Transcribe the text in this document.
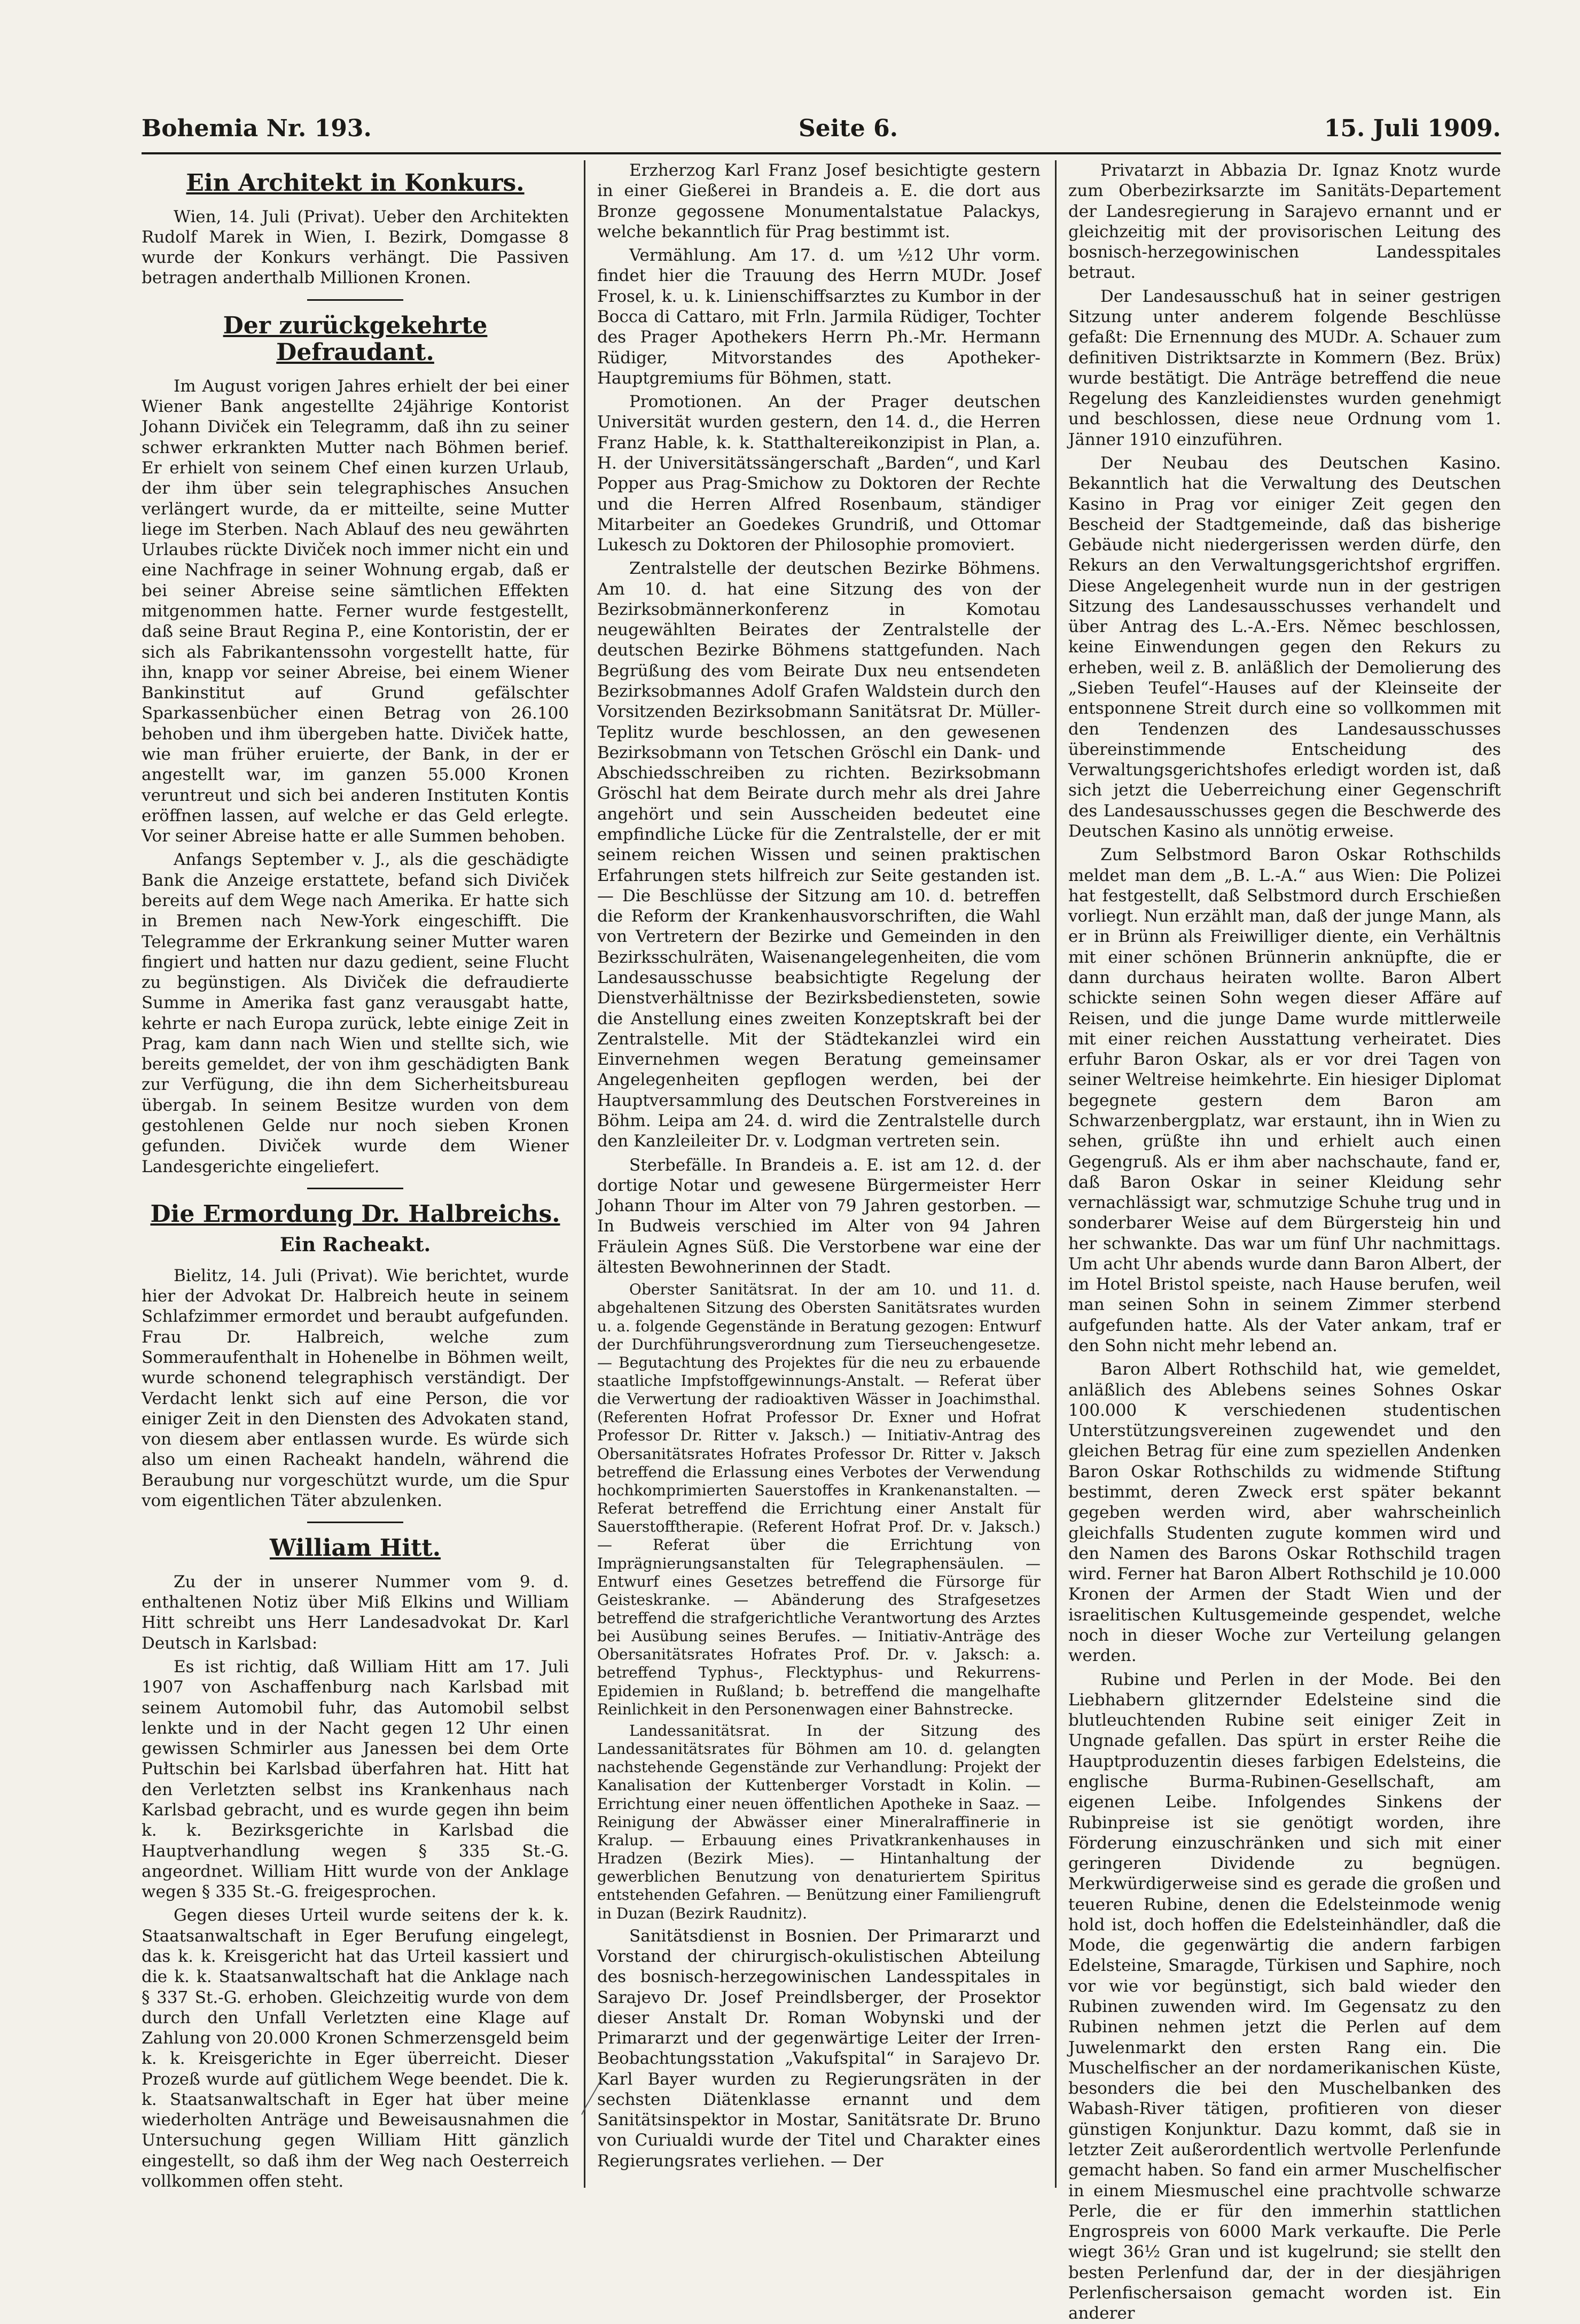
Bohemia Nr. 193.	Seite 6.	15. Juli 1909.
Ein Architekt in Konkurs.

Wien, 14. Juli (Privat). Ueber den Architekten Rudolf Marek in Wien, I. Bezirk, Domgasse 8 wurde der Konkurs verhängt. Die Passiven betragen anderthalb Millionen Kronen.

Der zurückgekehrte Defraudant.

Im August vorigen Jahres erhielt der bei einer Wiener Bank angestellte 24jährige Kontorist Johann Diviček ein Telegramm, daß ihn zu seiner schwer erkrankten Mutter nach Böhmen berief. Er erhielt von seinem Chef einen kurzen Urlaub, der ihm über sein telegraphisches Ansuchen verlängert wurde, da er mitteilte, seine Mutter liege im Sterben. Nach Ablauf des neu gewährten Urlaubes rückte Diviček noch immer nicht ein und eine Nachfrage in seiner Wohnung ergab, daß er bei seiner Abreise seine sämtlichen Effekten mitgenommen hatte. Ferner wurde festgestellt, daß seine Braut Regina P., eine Kontoristin, der er sich als Fabrikantenssohn vorgestellt hatte, für ihn, knapp vor seiner Abreise, bei einem Wiener Bankinstitut auf Grund gefälschter Sparkassenbücher einen Betrag von 26.100 behoben und ihm übergeben hatte. Diviček hatte, wie man früher eruierte, der Bank, in der er angestellt war, im ganzen 55.000 Kronen veruntreut und sich bei anderen Instituten Kontis eröffnen lassen, auf welche er das Geld erlegte. Vor seiner Abreise hatte er alle Summen behoben.

Anfangs September v. J., als die geschädigte Bank die Anzeige erstattete, befand sich Diviček bereits auf dem Wege nach Amerika. Er hatte sich in Bremen nach New-York eingeschifft. Die Telegramme der Erkrankung seiner Mutter waren fingiert und hatten nur dazu gedient, seine Flucht zu begünstigen. Als Diviček die defraudierte Summe in Amerika fast ganz verausgabt hatte, kehrte er nach Europa zurück, lebte einige Zeit in Prag, kam dann nach Wien und stellte sich, wie bereits gemeldet, der von ihm geschädigten Bank zur Verfügung, die ihn dem Sicherheitsbureau übergab. In seinem Besitze wurden von dem gestohlenen Gelde nur noch sieben Kronen gefunden. Diviček wurde dem Wiener Landesgerichte eingeliefert.

Die Ermordung Dr. Halbreichs.
Ein Racheakt.

Bielitz, 14. Juli (Privat). Wie berichtet, wurde hier der Advokat Dr. Halbreich heute in seinem Schlafzimmer ermordet und beraubt aufgefunden. Frau Dr. Halbreich, welche zum Sommeraufenthalt in Hohenelbe in Böhmen weilt, wurde schonend telegraphisch verständigt. Der Verdacht lenkt sich auf eine Person, die vor einiger Zeit in den Diensten des Advokaten stand, von diesem aber entlassen wurde. Es würde sich also um einen Racheakt handeln, während die Beraubung nur vorgeschützt wurde, um die Spur vom eigentlichen Täter abzulenken.

William Hitt.

Zu der in unserer Nummer vom 9. d. enthaltenen Notiz über Miß Elkins und William Hitt schreibt uns Herr Landesadvokat Dr. Karl Deutsch in Karlsbad:

Es ist richtig, daß William Hitt am 17. Juli 1907 von Aschaffenburg nach Karlsbad mit seinem Automobil fuhr, das Automobil selbst lenkte und in der Nacht gegen 12 Uhr einen gewissen Schmirler aus Janessen bei dem Orte Pułtschin bei Karlsbad überfahren hat. Hitt hat den Verletzten selbst ins Krankenhaus nach Karlsbad gebracht, und es wurde gegen ihn beim k. k. Bezirksgerichte in Karlsbad die Hauptverhandlung wegen § 335 St.-G. angeordnet. William Hitt wurde von der Anklage wegen § 335 St.-G. freigesprochen.

Gegen dieses Urteil wurde seitens der k. k. Staatsanwaltschaft in Eger Berufung eingelegt, das k. k. Kreisgericht hat das Urteil kassiert und die k. k. Staatsanwaltschaft hat die Anklage nach § 337 St.-G. erhoben. Gleichzeitig wurde von dem durch den Unfall Verletzten eine Klage auf Zahlung von 20.000 Kronen Schmerzensgeld beim k. k. Kreisgerichte in Eger überreicht. Dieser Prozeß wurde auf gütlichem Wege beendet. Die k. k. Staatsanwaltschaft in Eger hat über meine wiederholten Anträge und Beweisausnahmen die Untersuchung gegen William Hitt gänzlich eingestellt, so daß ihm der Weg nach Oesterreich vollkommen offen steht.

Erzherzog Karl Franz Josef besichtigte gestern in einer Gießerei in Brandeis a. E. die dort aus Bronze gegossene Monumentalstatue Palackys, welche bekanntlich für Prag bestimmt ist.

Vermählung. Am 17. d. um ½12 Uhr vorm. findet hier die Trauung des Herrn MUDr. Josef Frosel, k. u. k. Linienschiffsarztes zu Kumbor in der Bocca di Cattaro, mit Frln. Jarmila Rüdiger, Tochter des Prager Apothekers Herrn Ph.-Mr. Hermann Rüdiger, Mitvorstandes des Apotheker-Hauptgremiums für Böhmen, statt.

Promotionen. An der Prager deutschen Universität wurden gestern, den 14. d., die Herren Franz Hable, k. k. Statthaltereikonzipist in Plan, a. H. der Universitätssängerschaft „Barden“, und Karl Popper aus Prag-Smichow zu Doktoren der Rechte und die Herren Alfred Rosenbaum, ständiger Mitarbeiter an Goedekes Grundriß, und Ottomar Lukesch zu Doktoren der Philosophie promoviert.

Zentralstelle der deutschen Bezirke Böhmens. Am 10. d. hat eine Sitzung des von der Bezirksobmännerkonferenz in Komotau neugewählten Beirates der Zentralstelle der deutschen Bezirke Böhmens stattgefunden. Nach Begrüßung des vom Beirate Dux neu entsendeten Bezirksobmannes Adolf Grafen Waldstein durch den Vorsitzenden Bezirksobmann Sanitätsrat Dr. Müller-Teplitz wurde beschlossen, an den gewesenen Bezirksobmann von Tetschen Gröschl ein Dank- und Abschiedsschreiben zu richten. Bezirksobmann Gröschl hat dem Beirate durch mehr als drei Jahre angehört und sein Ausscheiden bedeutet eine empfindliche Lücke für die Zentralstelle, der er mit seinem reichen Wissen und seinen praktischen Erfahrungen stets hilfreich zur Seite gestanden ist. — Die Beschlüsse der Sitzung am 10. d. betreffen die Reform der Krankenhausvorschriften, die Wahl von Vertretern der Bezirke und Gemeinden in den Bezirksschulräten, Waisenangelegenheiten, die vom Landesausschusse beabsichtigte Regelung der Dienstverhältnisse der Bezirksbediensteten, sowie die Anstellung eines zweiten Konzeptskraft bei der Zentralstelle. Mit der Städtekanzlei wird ein Einvernehmen wegen Beratung gemeinsamer Angelegenheiten gepflogen werden, bei der Hauptversammlung des Deutschen Forstvereines in Böhm. Leipa am 24. d. wird die Zentralstelle durch den Kanzleileiter Dr. v. Lodgman vertreten sein.

Sterbefälle. In Brandeis a. E. ist am 12. d. der dortige Notar und gewesene Bürgermeister Herr Johann Thour im Alter von 79 Jahren gestorben. — In Budweis verschied im Alter von 94 Jahren Fräulein Agnes Süß. Die Verstorbene war eine der ältesten Bewohnerinnen der Stadt.

Oberster Sanitätsrat. In der am 10. und 11. d. abgehaltenen Sitzung des Obersten Sanitätsrates wurden u. a. folgende Gegenstände in Beratung gezogen: Entwurf der Durchführungsverordnung zum Tierseuchengesetze. — Begutachtung des Projektes für die neu zu erbauende staatliche Impfstoffgewinnungs-Anstalt. — Referat über die Verwertung der radioaktiven Wässer in Joachimsthal. (Referenten Hofrat Professor Dr. Exner und Hofrat Professor Dr. Ritter v. Jaksch.) — Initiativ-Antrag des Obersanitätsrates Hofrates Professor Dr. Ritter v. Jaksch betreffend die Erlassung eines Verbotes der Verwendung hochkomprimierten Sauerstoffes in Krankenanstalten. — Referat betreffend die Errichtung einer Anstalt für Sauerstofftherapie. (Referent Hofrat Prof. Dr. v. Jaksch.) — Referat über die Errichtung von Imprägnierungsanstalten für Telegraphensäulen. — Entwurf eines Gesetzes betreffend die Fürsorge für Geisteskranke. — Abänderung des Strafgesetzes betreffend die strafgerichtliche Verantwortung des Arztes bei Ausübung seines Berufes. — Initiativ-Anträge des Obersanitätsrates Hofrates Prof. Dr. v. Jaksch: a. betreffend Typhus-, Flecktyphus- und Rekurrens-Epidemien in Rußland; b. betreffend die mangelhafte Reinlichkeit in den Personenwagen einer Bahnstrecke.

Landessanitätsrat. In der Sitzung des Landessanitätsrates für Böhmen am 10. d. gelangten nachstehende Gegenstände zur Verhandlung: Projekt der Kanalisation der Kuttenberger Vorstadt in Kolin. — Errichtung einer neuen öffentlichen Apotheke in Saaz. — Reinigung der Abwässer einer Mineralraffinerie in Kralup. — Erbauung eines Privatkrankenhauses in Hradzen (Bezirk Mies). — Hintanhaltung der gewerblichen Benutzung von denaturiertem Spiritus entstehenden Gefahren. — Benützung einer Familiengruft in Duzan (Bezirk Raudnitz).

Sanitätsdienst in Bosnien. Der Primararzt und Vorstand der chirurgisch-okulistischen Abteilung des bosnisch-herzegowinischen Landesspitales in Sarajevo Dr. Josef Preindlsberger, der Prosektor dieser Anstalt Dr. Roman Wobynski und der Primararzt und der gegenwärtige Leiter der Irren-Beobachtungsstation „Vakufspital“ in Sarajevo Dr. Karl Bayer wurden zu Regierungsräten in der sechsten Diätenklasse ernannt und dem Sanitätsinspektor in Mostar, Sanitätsrate Dr. Bruno von Curiualdi wurde der Titel und Charakter eines Regierungsrates verliehen. — Der

Privatarzt in Abbazia Dr. Ignaz Knotz wurde zum Oberbezirksarzte im Sanitäts-Departement der Landesregierung in Sarajevo ernannt und er gleichzeitig mit der provisorischen Leitung des bosnisch-herzegowinischen Landesspitales betraut.

Der Landesausschuß hat in seiner gestrigen Sitzung unter anderem folgende Beschlüsse gefaßt: Die Ernennung des MUDr. A. Schauer zum definitiven Distriktsarzte in Kommern (Bez. Brüx) wurde bestätigt. Die Anträge betreffend die neue Regelung des Kanzleidienstes wurden genehmigt und beschlossen, diese neue Ordnung vom 1. Jänner 1910 einzuführen.

Der Neubau des Deutschen Kasino. Bekanntlich hat die Verwaltung des Deutschen Kasino in Prag vor einiger Zeit gegen den Bescheid der Stadtgemeinde, daß das bisherige Gebäude nicht niedergerissen werden dürfe, den Rekurs an den Verwaltungsgerichtshof ergriffen. Diese Angelegenheit wurde nun in der gestrigen Sitzung des Landesausschusses verhandelt und über Antrag des L.-A.-Ers. Němec beschlossen, keine Einwendungen gegen den Rekurs zu erheben, weil z. B. anläßlich der Demolierung des „Sieben Teufel“-Hauses auf der Kleinseite der entsponnene Streit durch eine so vollkommen mit den Tendenzen des Landesausschusses übereinstimmende Entscheidung des Verwaltungsgerichtshofes erledigt worden ist, daß sich jetzt die Ueberreichung einer Gegenschrift des Landesausschusses gegen die Beschwerde des Deutschen Kasino als unnötig erweise.

Zum Selbstmord Baron Oskar Rothschilds meldet man dem „B. L.-A.“ aus Wien: Die Polizei hat festgestellt, daß Selbstmord durch Erschießen vorliegt. Nun erzählt man, daß der junge Mann, als er in Brünn als Freiwilliger diente, ein Verhältnis mit einer schönen Brünnerin anknüpfte, die er dann durchaus heiraten wollte. Baron Albert schickte seinen Sohn wegen dieser Affäre auf Reisen, und die junge Dame wurde mittlerweile mit einer reichen Ausstattung verheiratet. Dies erfuhr Baron Oskar, als er vor drei Tagen von seiner Weltreise heimkehrte. Ein hiesiger Diplomat begegnete gestern dem Baron am Schwarzenbergplatz, war erstaunt, ihn in Wien zu sehen, grüßte ihn und erhielt auch einen Gegengruß. Als er ihm aber nachschaute, fand er, daß Baron Oskar in seiner Kleidung sehr vernachlässigt war, schmutzige Schuhe trug und in sonderbarer Weise auf dem Bürgersteig hin und her schwankte. Das war um fünf Uhr nachmittags. Um acht Uhr abends wurde dann Baron Albert, der im Hotel Bristol speiste, nach Hause berufen, weil man seinen Sohn in seinem Zimmer sterbend aufgefunden hatte. Als der Vater ankam, traf er den Sohn nicht mehr lebend an.

Baron Albert Rothschild hat, wie gemeldet, anläßlich des Ablebens seines Sohnes Oskar 100.000 K verschiedenen studentischen Unterstützungsvereinen zugewendet und den gleichen Betrag für eine zum speziellen Andenken Baron Oskar Rothschilds zu widmende Stiftung bestimmt, deren Zweck erst später bekannt gegeben werden wird, aber wahrscheinlich gleichfalls Studenten zugute kommen wird und den Namen des Barons Oskar Rothschild tragen wird. Ferner hat Baron Albert Rothschild je 10.000 Kronen der Armen der Stadt Wien und der israelitischen Kultusgemeinde gespendet, welche noch in dieser Woche zur Verteilung gelangen werden.

Rubine und Perlen in der Mode. Bei den Liebhabern glitzernder Edelsteine sind die blutleuchtenden Rubine seit einiger Zeit in Ungnade gefallen. Das spürt in erster Reihe die Hauptproduzentin dieses farbigen Edelsteins, die englische Burma-Rubinen-Gesellschaft, am eigenen Leibe. Infolgendes Sinkens der Rubinpreise ist sie genötigt worden, ihre Förderung einzuschränken und sich mit einer geringeren Dividende zu begnügen. Merkwürdigerweise sind es gerade die großen und teueren Rubine, denen die Edelsteinmode wenig hold ist, doch hoffen die Edelsteinhändler, daß die Mode, die gegenwärtig die andern farbigen Edelsteine, Smaragde, Türkisen und Saphire, noch vor wie vor begünstigt, sich bald wieder den Rubinen zuwenden wird. Im Gegensatz zu den Rubinen nehmen jetzt die Perlen auf dem Juwelenmarkt den ersten Rang ein. Die Muschelfischer an der nordamerikanischen Küste, besonders die bei den Muschelbanken des Wabash-River tätigen, profitieren von dieser günstigen Konjunktur. Dazu kommt, daß sie in letzter Zeit außerordentlich wertvolle Perlenfunde gemacht haben. So fand ein armer Muschelfischer in einem Miesmuschel eine prachtvolle schwarze Perle, die er für den immerhin stattlichen Engrospreis von 6000 Mark verkaufte. Die Perle wiegt 36½ Gran und ist kugelrund; sie stellt den besten Perlenfund dar, der in der diesjährigen Perlenfischersaison gemacht worden ist. Ein anderer
